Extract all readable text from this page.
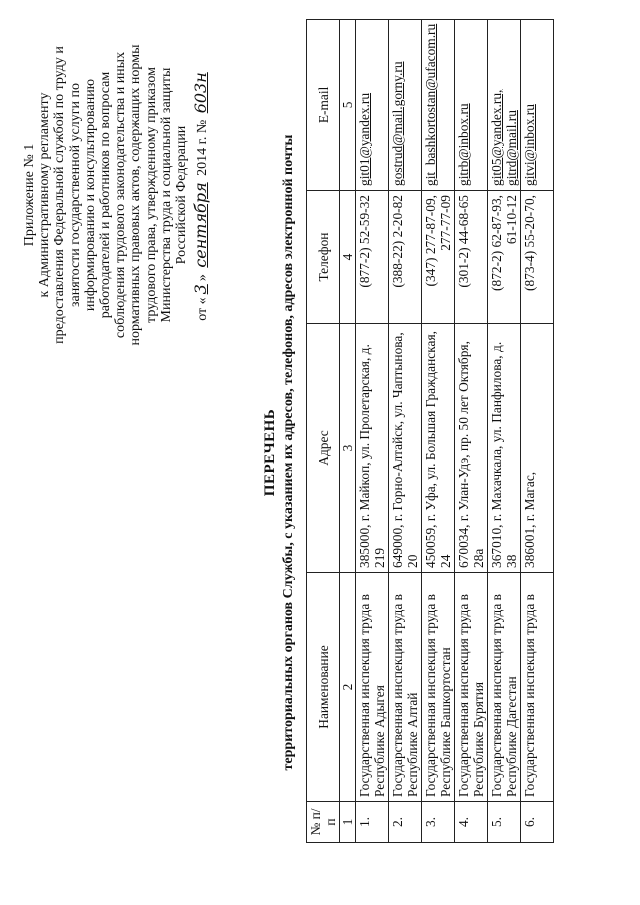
Приложение № 1 к Административному регламенту предоставления Федеральной службой по труду и занятости государственной услуги по информированию и консультированию работодателей и работников по вопросам соблюдения трудового законодательства и иных нормативных правовых актов, содержащих нормы трудового права, утвержденному приказом Министерства труда и социальной защиты Российской Федерации
от «3» сентября 2014 г. № 603н
ПЕРЕЧЕНЬ территориальных органов Службы, с указанием их адресов, телефонов, адресов электронной почты
№ п/п	Наименование	Адрес	Телефон	E-mail
1	2	3	4	5
1.	Государственная инспекция труда в Республике Адыгея	385000, г. Майкоп, ул. Пролетарская, д. 219	(877-2) 52-59-32	git01@yandex.ru
2.	Государственная инспекция труда в Республике Алтай	649000, г. Горно-Алтайск, ул. Чаптынова, 20	(388-22) 2-20-82	gostrud@mail.gorny.ru
3.	Государственная инспекция труда в Республике Башкортостан	450059, г. Уфа, ул. Большая Гражданская, 24	(347) 277-87-09, 277-77-09	git_bashkortostan@ufacom.ru
4.	Государственная инспекция труда в Республике Бурятия	670034, г. Улан-Удэ, пр. 50 лет Октября, 28а	(301-2) 44-68-65	gitrb@inbox.ru
5.	Государственная инспекция труда в Республике Дагестан	367010, г. Махачкала, ул. Панфилова, д. 38	(872-2) 62-87-93, 61-10-12	git05@yandex.ru, gitrd@mail.ru
6.	Государственная инспекция труда в	386001, г. Магас,	(873-4) 55-20-70,	gitvi@inbox.ru
